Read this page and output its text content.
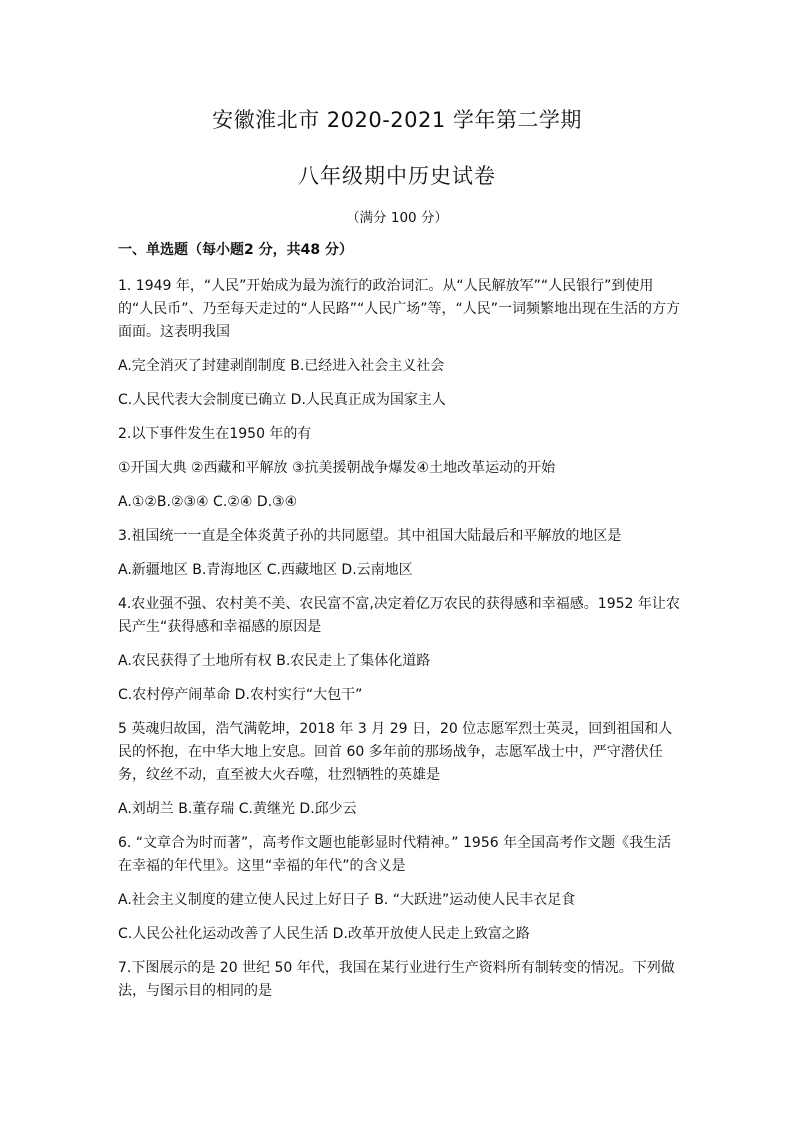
安徽淮北市 2020-2021 学年第二学期
八年级期中历史试卷
（满分 100 分）
一、单选题（每小题2 分，共48 分）

1. 1949 年，“人民”开始成为最为流行的政治词汇。从“人民解放军”“人民银行”到使用的“人民币”、乃至每天走过的“人民路”“人民广场”等，“人民”一词频繁地出现在生活的方方面面。这表明我国

A.完全消灭了封建剥削制度 B.已经进入社会主义社会

C.人民代表大会制度已确立 D.人民真正成为国家主人

2.以下事件发生在1950 年的有

①开国大典 ②西藏和平解放 ③抗美援朝战争爆发④土地改革运动的开始

A.①②B.②③④ C.②④ D.③④

3.祖国统一一直是全体炎黄子孙的共同愿望。其中祖国大陆最后和平解放的地区是

A.新疆地区 B.青海地区 C.西藏地区 D.云南地区

4.农业强不强、农村美不美、农民富不富,决定着亿万农民的获得感和幸福感。1952 年让农民产生“获得感和幸福感的原因是

A.农民获得了土地所有权 B.农民走上了集体化道路

C.农村停产闹革命 D.农村实行“大包干”

5 英魂归故国，浩气满乾坤，2018 年 3 月 29 日，20 位志愿军烈士英灵，回到祖国和人民的怀抱，在中华大地上安息。回首 60 多年前的那场战争，志愿军战士中，严守潜伏任务，纹丝不动，直至被大火吞噬，壮烈牺牲的英雄是

A.刘胡兰 B.董存瑞 C.黄继光 D.邱少云

6. “文章合为时而著”，高考作文题也能彰显时代精神。” 1956 年全国高考作文题《我生活在幸福的年代里》。这里“幸福的年代”的含义是

A.社会主义制度的建立使人民过上好日子 B. “大跃进”运动使人民丰衣足食

C.人民公社化运动改善了人民生活 D.改革开放使人民走上致富之路

7.下图展示的是 20 世纪 50 年代，我国在某行业进行生产资料所有制转变的情况。下列做法，与图示目的相同的是
